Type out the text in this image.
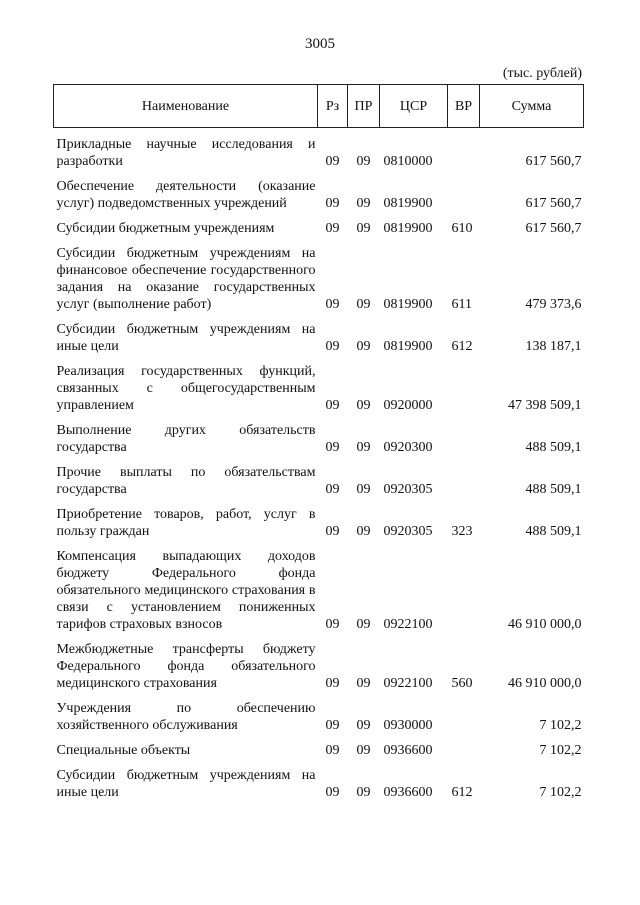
3005
(тыс. рублей)
Наименование	Рз	ПР	ЦСР	ВР	Сумма
Прикладные научные исследования и разработки	09	09	0810000		617 560,7
Обеспечение деятельности (оказание услуг) подведомственных учреждений	09	09	0819900		617 560,7
Субсидии бюджетным учреждениям	09	09	0819900	610	617 560,7
Субсидии бюджетным учреждениям на финансовое обеспечение государственного задания на оказание государственных услуг (выполнение работ)	09	09	0819900	611	479 373,6
Субсидии бюджетным учреждениям на иные цели	09	09	0819900	612	138 187,1
Реализация государственных функций, связанных с общегосударственным управлением	09	09	0920000		47 398 509,1
Выполнение других обязательств государства	09	09	0920300		488 509,1
Прочие выплаты по обязательствам государства	09	09	0920305		488 509,1
Приобретение товаров, работ, услуг в пользу граждан	09	09	0920305	323	488 509,1
Компенсация выпадающих доходов бюджету Федерального фонда обязательного медицинского страхования в связи с установлением пониженных тарифов страховых взносов	09	09	0922100		46 910 000,0
Межбюджетные трансферты бюджету Федерального фонда обязательного медицинского страхования	09	09	0922100	560	46 910 000,0
Учреждения по обеспечению хозяйственного обслуживания	09	09	0930000		7 102,2
Специальные объекты	09	09	0936600		7 102,2
Субсидии бюджетным учреждениям на иные цели	09	09	0936600	612	7 102,2
